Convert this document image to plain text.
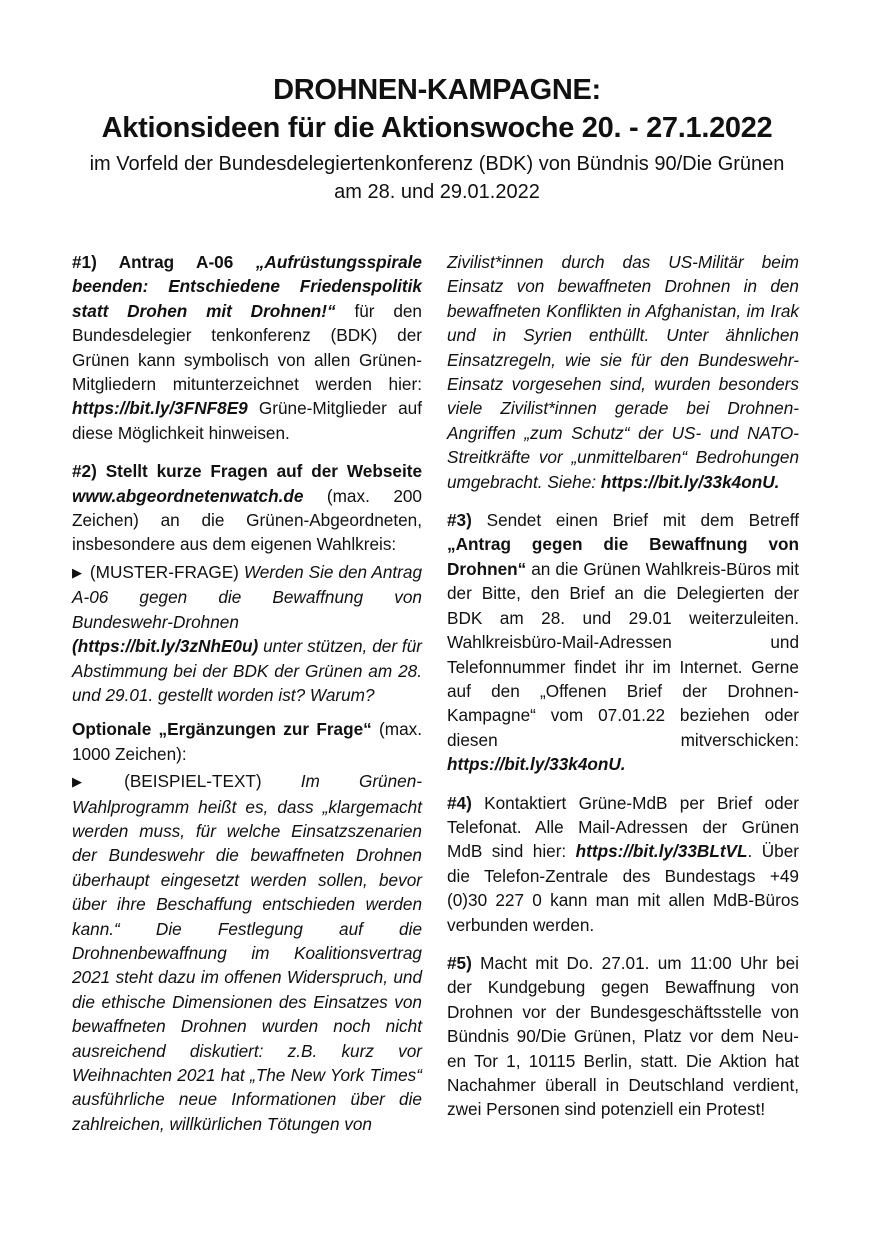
DROHNEN-KAMPAGNE:
Aktionsideen für die Aktionswoche 20. - 27.1.2022
im Vorfeld der Bundesdelegiertenkonferenz (BDK) von Bündnis 90/Die Grünen
am 28. und 29.01.2022

#1) Antrag A-06 „Aufrüstungsspirale beenden: Entschiedene Friedenspolitik statt Drohen mit Drohnen!“ für den Bundesdelegier tenkonferenz (BDK) der Grünen kann symbolisch von allen Grünen-Mitgliedern mitunterzeichnet werden hier: https://bit.ly/3FNF8E9 Grüne-Mitglieder auf diese Möglichkeit hinweisen.

#2) Stellt kurze Fragen auf der Webseite www.abgeordnetenwatch.de (max. 200 Zeichen) an die Grünen-Abgeordneten, insbesondere aus dem eigenen Wahlkreis:

▶ (MUSTER-FRAGE) Werden Sie den Antrag A-06 gegen die Bewaffnung von Bundeswehr-Drohnen (https://bit.ly/3zNhE0u) unter stützen, der für Abstimmung bei der BDK der Grünen am 28. und 29.01. gestellt worden ist? Warum?

Optionale „Ergänzungen zur Frage“ (max. 1000 Zeichen):

▶ (BEISPIEL-TEXT) Im Grünen-Wahlprogramm heißt es, dass „klargemacht werden muss, für welche Einsatzszenarien der Bundeswehr die bewaffneten Drohnen überhaupt eingesetzt werden sollen, bevor über ihre Beschaffung entschieden werden kann.“ Die Festlegung auf die Drohnenbewaffnung im Koalitionsvertrag 2021 steht dazu im offenen Widerspruch, und die ethische Dimensionen des Einsatzes von bewaffneten Drohnen wurden noch nicht ausreichend diskutiert: z.B. kurz vor Weihnachten 2021 hat „The New York Times“ ausführliche neue Informationen über die zahlreichen, willkürlichen Tötungen von

Zivilist*innen durch das US-Militär beim Einsatz von bewaffneten Drohnen in den bewaffneten Konflikten in Afghanistan, im Irak und in Syrien enthüllt. Unter ähnlichen Einsatzregeln, wie sie für den Bundeswehr-Einsatz vorgesehen sind, wurden besonders viele Zivilist*innen gerade bei Drohnen-Angriffen „zum Schutz“ der US- und NATO-Streitkräfte vor „unmittelbaren“ Bedrohungen umgebracht. Siehe: https://bit.ly/33k4onU.

#3) Sendet einen Brief mit dem Betreff „Antrag gegen die Bewaffnung von Drohnen“ an die Grünen Wahlkreis-Büros mit der Bitte, den Brief an die Delegierten der BDK am 28. und 29.01 weiterzuleiten. Wahlkreisbüro-Mail-Adressen und Telefonnummer findet ihr im Internet. Gerne auf den „Offenen Brief der Drohnen-Kampagne“ vom 07.01.22 beziehen oder diesen mitverschicken: https://bit.ly/33k4onU.

#4) Kontaktiert Grüne-MdB per Brief oder Telefonat. Alle Mail-Adressen der Grünen MdB sind hier: https://bit.ly/33BLtVL. Über die Telefon-Zentrale des Bundestags +49 (0)30 227 0 kann man mit allen MdB-Büros verbunden werden.

#5) Macht mit Do. 27.01. um 11:00 Uhr bei der Kundgebung gegen Bewaffnung von Drohnen vor der Bundesgeschäftsstelle von Bündnis 90/Die Grünen, Platz vor dem Neu- en Tor 1, 10115 Berlin, statt. Die Aktion hat Nachahmer überall in Deutschland verdient, zwei Personen sind potenziell ein Protest!
